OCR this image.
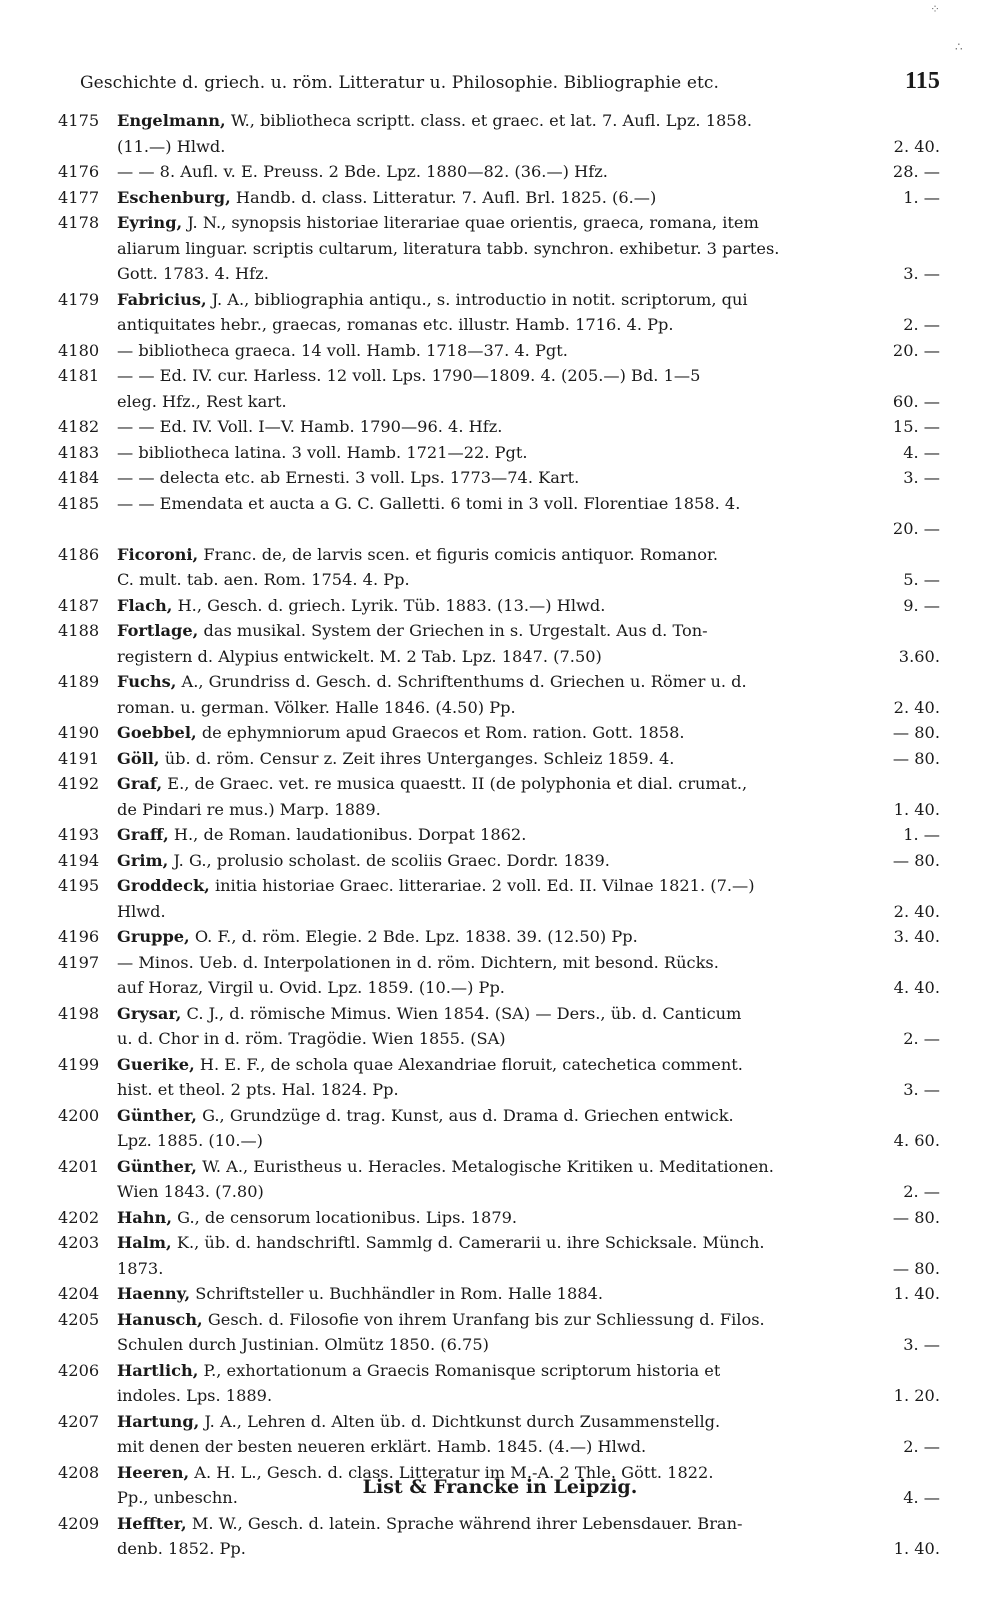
Geschichte d. griech. u. röm. Litteratur u. Philosophie. Bibliographie etc.	115
4175	Engelmann, W., bibliotheca scriptt. class. et graec. et lat. 7. Aufl. Lpz. 1858.
(11.—) Hlwd.	2. 40.
4176	— — 8. Aufl. v. E. Preuss. 2 Bde. Lpz. 1880—82. (36.—) Hfz.	28. —
4177	Eschenburg, Handb. d. class. Litteratur. 7. Aufl. Brl. 1825. (6.—)	1. —
4178	Eyring, J. N., synopsis historiae literariae quae orientis, graeca, romana, item
aliarum linguar. scriptis cultarum, literatura tabb. synchron. exhibetur. 3 partes.
Gott. 1783. 4. Hfz.	3. —
4179	Fabricius, J. A., bibliographia antiqu., s. introductio in notit. scriptorum, qui
antiquitates hebr., graecas, romanas etc. illustr. Hamb. 1716. 4. Pp.	2. —
4180	— bibliotheca graeca. 14 voll. Hamb. 1718—37. 4. Pgt.	20. —
4181	— — Ed. IV. cur. Harless. 12 voll. Lps. 1790—1809. 4. (205.—) Bd. 1—5
eleg. Hfz., Rest kart.	60. —
4182	— — Ed. IV. Voll. I—V. Hamb. 1790—96. 4. Hfz.	15. —
4183	— bibliotheca latina. 3 voll. Hamb. 1721—22. Pgt.	4. —
4184	— — delecta etc. ab Ernesti. 3 voll. Lps. 1773—74. Kart.	3. —
4185	— — Emendata et aucta a G. C. Galletti. 6 tomi in 3 voll. Florentiae 1858. 4.
20. —
4186	Ficoroni, Franc. de, de larvis scen. et figuris comicis antiquor. Romanor.
C. mult. tab. aen. Rom. 1754. 4. Pp.	5. —
4187	Flach, H., Gesch. d. griech. Lyrik. Tüb. 1883. (13.—) Hlwd.	9. —
4188	Fortlage, das musikal. System der Griechen in s. Urgestalt. Aus d. Ton-
registern d. Alypius entwickelt. M. 2 Tab. Lpz. 1847. (7.50)	3.60.
4189	Fuchs, A., Grundriss d. Gesch. d. Schriftenthums d. Griechen u. Römer u. d.
roman. u. german. Völker. Halle 1846. (4.50) Pp.	2. 40.
4190	Goebbel, de ephymniorum apud Graecos et Rom. ration. Gott. 1858.	— 80.
4191	Göll, üb. d. röm. Censur z. Zeit ihres Unterganges. Schleiz 1859. 4.	— 80.
4192	Graf, E., de Graec. vet. re musica quaestt. II (de polyphonia et dial. crumat.,
de Pindari re mus.) Marp. 1889.	1. 40.
4193	Graff, H., de Roman. laudationibus. Dorpat 1862.	1. —
4194	Grim, J. G., prolusio scholast. de scoliis Graec. Dordr. 1839.	— 80.
4195	Groddeck, initia historiae Graec. litterariae. 2 voll. Ed. II. Vilnae 1821. (7.—)
Hlwd.	2. 40.
4196	Gruppe, O. F., d. röm. Elegie. 2 Bde. Lpz. 1838. 39. (12.50) Pp.	3. 40.
4197	— Minos. Ueb. d. Interpolationen in d. röm. Dichtern, mit besond. Rücks.
auf Horaz, Virgil u. Ovid. Lpz. 1859. (10.—) Pp.	4. 40.
4198	Grysar, C. J., d. römische Mimus. Wien 1854. (SA) — Ders., üb. d. Canticum
u. d. Chor in d. röm. Tragödie. Wien 1855. (SA)	2. —
4199	Guerike, H. E. F., de schola quae Alexandriae floruit, catechetica comment.
hist. et theol. 2 pts. Hal. 1824. Pp.	3. —
4200	Günther, G., Grundzüge d. trag. Kunst, aus d. Drama d. Griechen entwick.
Lpz. 1885. (10.—)	4. 60.
4201	Günther, W. A., Euristheus u. Heracles. Metalogische Kritiken u. Meditationen.
Wien 1843. (7.80)	2. —
4202	Hahn, G., de censorum locationibus. Lips. 1879.	— 80.
4203	Halm, K., üb. d. handschriftl. Sammlg d. Camerarii u. ihre Schicksale. Münch.
1873.	— 80.
4204	Haenny, Schriftsteller u. Buchhändler in Rom. Halle 1884.	1. 40.
4205	Hanusch, Gesch. d. Filosofie von ihrem Uranfang bis zur Schliessung d. Filos.
Schulen durch Justinian. Olmütz 1850. (6.75)	3. —
4206	Hartlich, P., exhortationum a Graecis Romanisque scriptorum historia et
indoles. Lps. 1889.	1. 20.
4207	Hartung, J. A., Lehren d. Alten üb. d. Dichtkunst durch Zusammenstellg.
mit denen der besten neueren erklärt. Hamb. 1845. (4.—) Hlwd.	2. —
4208	Heeren, A. H. L., Gesch. d. class. Litteratur im M.-A. 2 Thle. Gött. 1822.
Pp., unbeschn.	4. —
4209	Heffter, M. W., Gesch. d. latein. Sprache während ihrer Lebensdauer. Bran-
denb. 1852. Pp.	1. 40.
List & Francke in Leipzig.
⁘
∴
